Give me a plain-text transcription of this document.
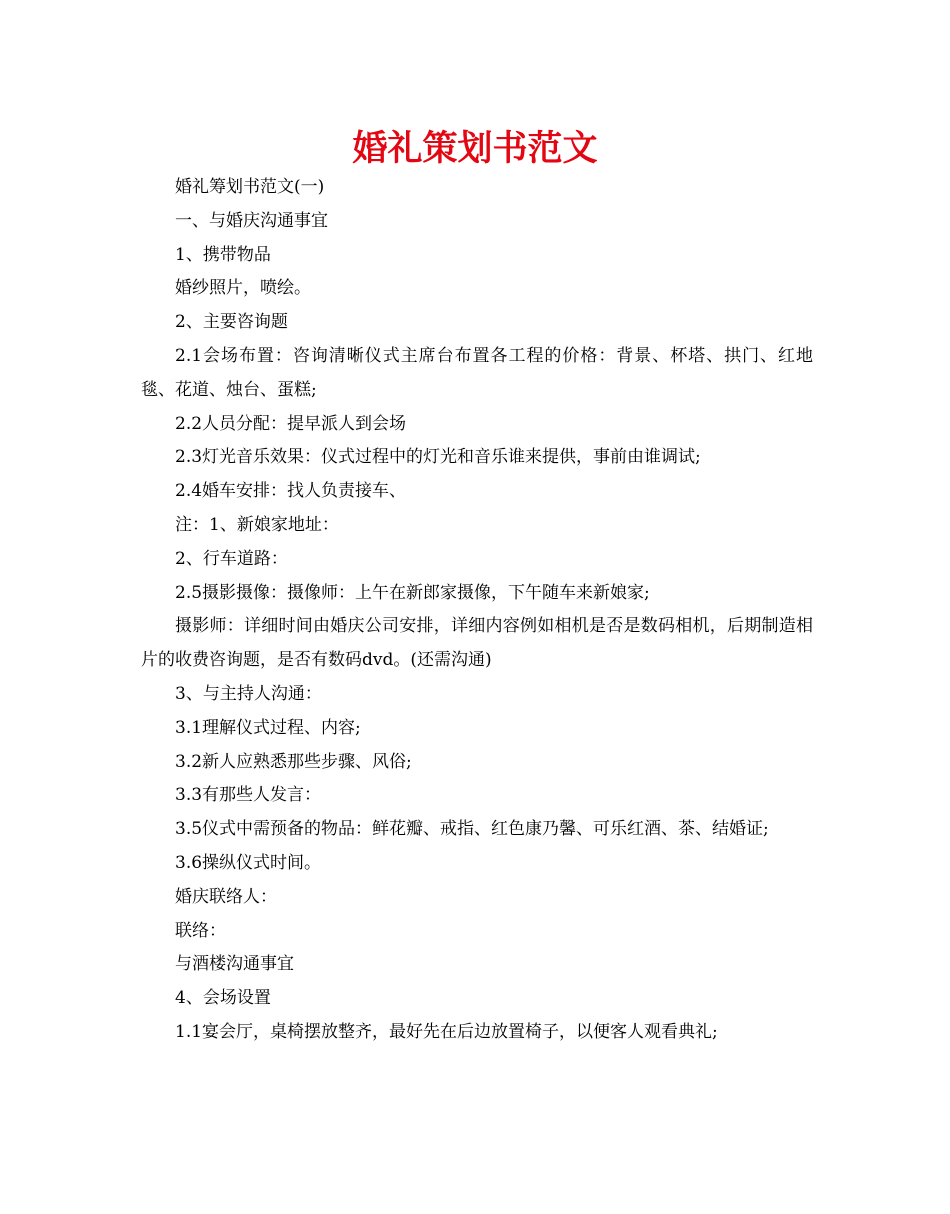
婚礼策划书范文

婚礼筹划书范文(一)

一、与婚庆沟通事宜

1、携带物品

婚纱照片，喷绘。

2、主要咨询题

2.1会场布置：咨询清晰仪式主席台布置各工程的价格：背景、杯塔、拱门、红地毯、花道、烛台、蛋糕;

2.2人员分配：提早派人到会场

2.3灯光音乐效果：仪式过程中的灯光和音乐谁来提供，事前由谁调试;

2.4婚车安排：找人负责接车、

注：1、新娘家地址：

2、行车道路：

2.5摄影摄像：摄像师：上午在新郎家摄像，下午随车来新娘家;

摄影师：详细时间由婚庆公司安排，详细内容例如相机是否是数码相机，后期制造相片的收费咨询题，是否有数码dvd。(还需沟通)

3、与主持人沟通：

3.1理解仪式过程、内容;

3.2新人应熟悉那些步骤、风俗;

3.3有那些人发言：

3.5仪式中需预备的物品：鲜花瓣、戒指、红色康乃馨、可乐红酒、茶、结婚证;

3.6操纵仪式时间。

婚庆联络人：

联络：

与酒楼沟通事宜

4、会场设置

1.1宴会厅，桌椅摆放整齐，最好先在后边放置椅子，以便客人观看典礼;
